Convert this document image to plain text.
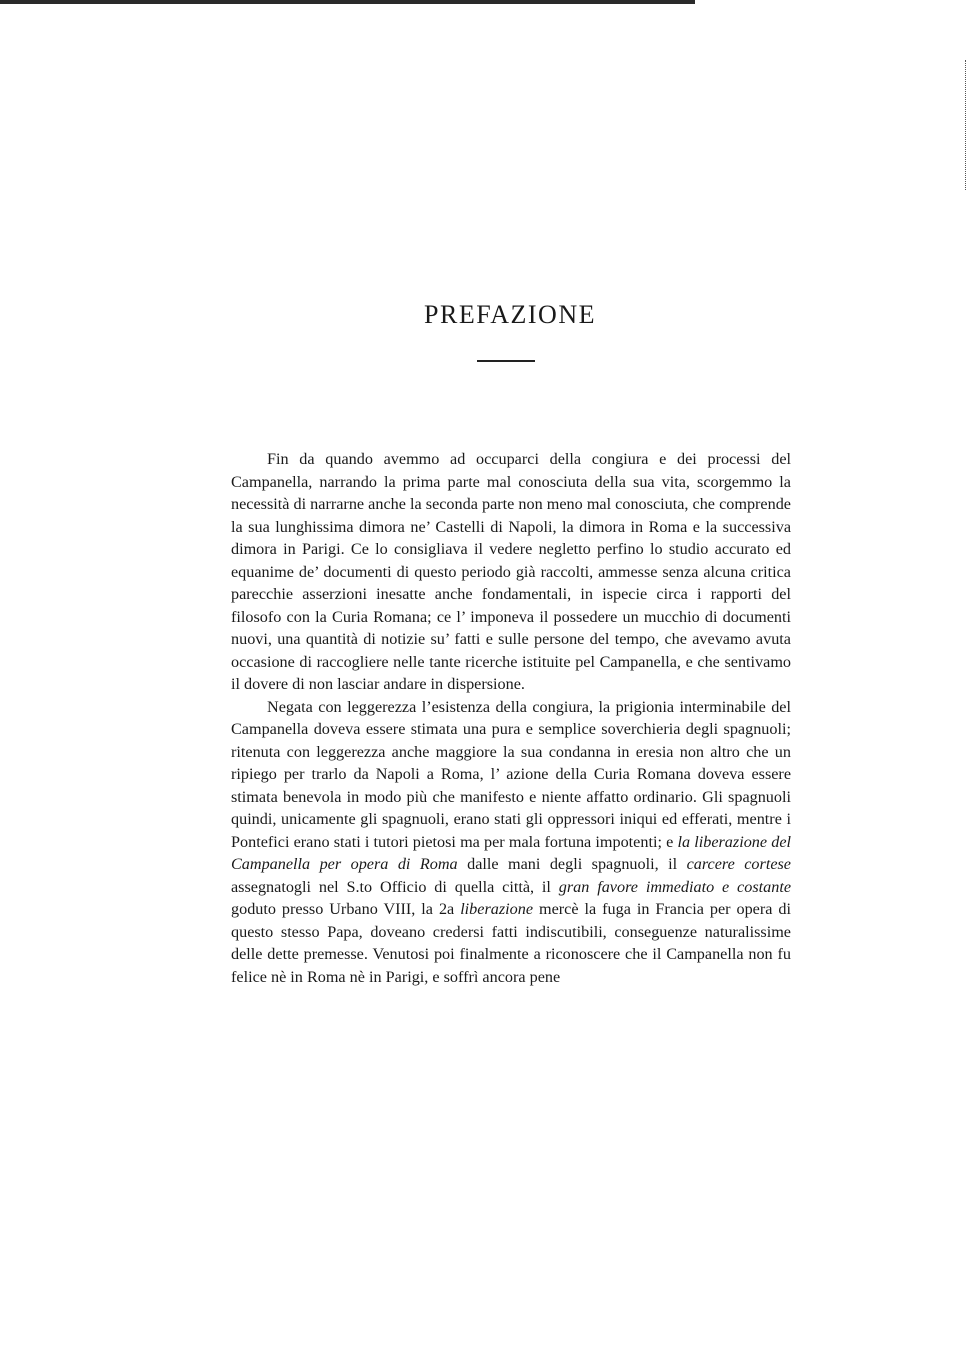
PREFAZIONE

Fin da quando avemmo ad occuparci della congiura e dei processi del Campanella, narrando la prima parte mal conosciuta della sua vita, scorgemmo la necessità di narrarne anche la seconda parte non meno mal conosciuta, che comprende la sua lunghissima dimora ne’ Castelli di Napoli, la dimora in Roma e la successiva dimora in Parigi. Ce lo consigliava il vedere negletto perfino lo studio accurato ed equanime de’ documenti di questo periodo già raccolti, ammesse senza alcuna critica parecchie asserzioni inesatte anche fondamentali, in ispecie circa i rapporti del filosofo con la Curia Romana; ce l’ imponeva il possedere un mucchio di documenti nuovi, una quantità di notizie su’ fatti e sulle persone del tempo, che avevamo avuta occasione di raccogliere nelle tante ricerche istituite pel Campanella, e che sentivamo il dovere di non lasciar andare in dispersione.

Negata con leggerezza l’esistenza della congiura, la prigionia interminabile del Campanella doveva essere stimata una pura e semplice soverchieria degli spagnuoli; ritenuta con leggerezza anche maggiore la sua condanna in eresia non altro che un ripiego per trarlo da Napoli a Roma, l’ azione della Curia Romana doveva essere stimata benevola in modo più che manifesto e niente affatto ordinario. Gli spagnuoli quindi, unicamente gli spagnuoli, erano stati gli oppressori iniqui ed efferati, mentre i Pontefici erano stati i tutori pietosi ma per mala fortuna impotenti; e la liberazione del Campanella per opera di Roma dalle mani degli spagnuoli, il carcere cortese assegnatogli nel S.to Officio di quella città, il gran favore immediato e costante goduto presso Urbano VIII, la 2a liberazione mercè la fuga in Francia per opera di questo stesso Papa, doveano credersi fatti indiscutibili, conseguenze naturalissime delle dette premesse. Venutosi poi finalmente a riconoscere che il Campanella non fu felice nè in Roma nè in Parigi, e soffrì ancora pene
